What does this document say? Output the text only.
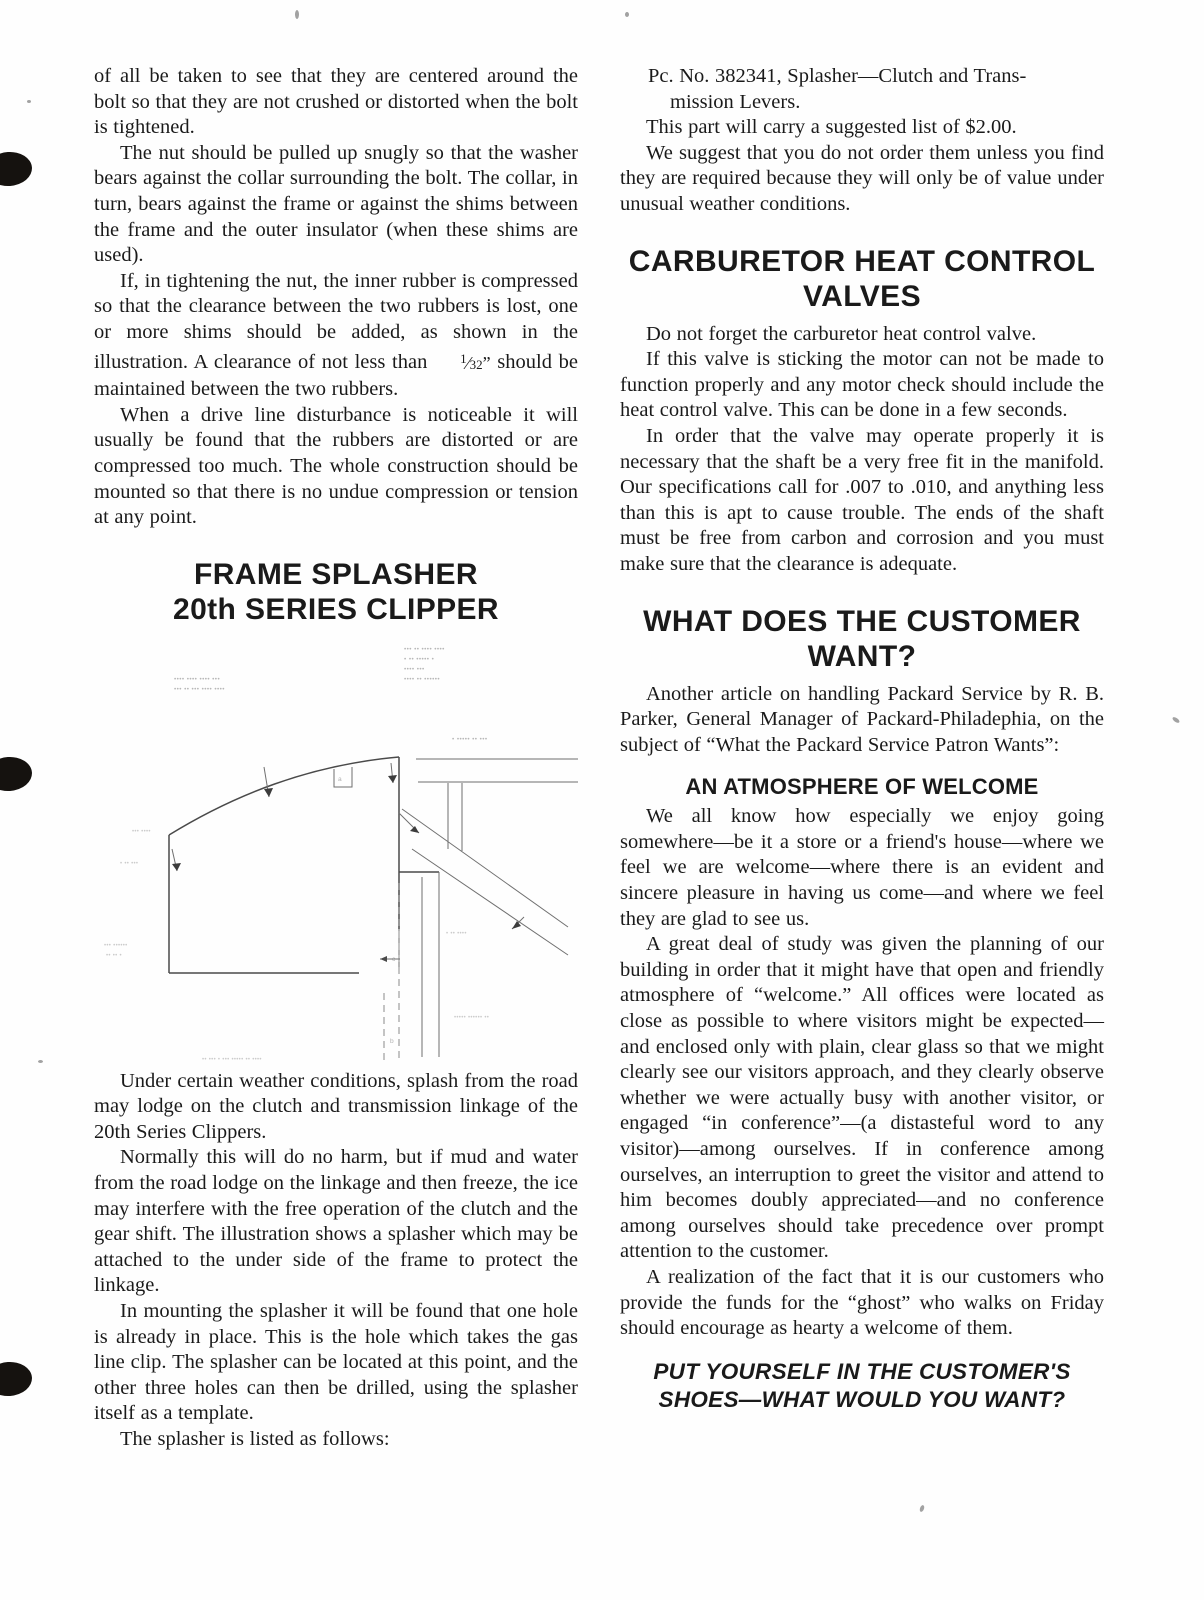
of all be taken to see that they are centered around the bolt so that they are not crushed or distorted when the bolt is tightened.

The nut should be pulled up snugly so that the washer bears against the collar surrounding the bolt. The collar, in turn, bears against the frame or against the shims between the frame and the outer insulator (when these shims are used).

If, in tightening the nut, the inner rubber is compressed so that the clearance between the two rubbers is lost, one or more shims should be added, as shown in the illustration. A clearance of not less than	$^1$⁄32” should be maintained between the two rubbers.

When a drive line disturbance is noticeable it will usually be found that the rubbers are distorted or are compressed too much. The whole construction should be mounted so that there is no undue compression or tension at any point.

FRAME SPLASHER
20th SERIES CLIPPER
••• •• •••• ••••
• •• ••••• •
•••• •••
•••• •• ••••••
•••• •••• •••• •••
••• •• ••• •••• ••••
• ••••• •• •••
••• ••••
• •• •••
••• ••••••
•• •• •
• •• ••••
••••• •••••• ••
a
b
c
•• ••• • ••• ••••• •• ••••

Under certain weather conditions, splash from the road may lodge on the clutch and transmission linkage of the 20th Series Clippers.

Normally this will do no harm, but if mud and water from the road lodge on the linkage and then freeze, the ice may interfere with the free operation of the clutch and the gear shift. The illustration shows a splasher which may be attached to the under side of the frame to protect the linkage.

In mounting the splasher it will be found that one hole is already in place. This is the hole which takes the gas line clip. The splasher can be located at this point, and the other three holes can then be drilled, using the splasher itself as a template.

The splasher is listed as follows:

Pc. No. 382341, Splasher—Clutch and Trans-
mission Levers.

This part will carry a suggested list of $2.00.

We suggest that you do not order them unless you find they are required because they will only be of value under unusual weather conditions.

CARBURETOR HEAT CONTROL
VALVES

Do not forget the carburetor heat control valve.

If this valve is sticking the motor can not be made to function properly and any motor check should include the heat control valve. This can be done in a few seconds.

In order that the valve may operate properly it is necessary that the shaft be a very free fit in the manifold. Our specifications call for .007 to .010, and anything less than this is apt to cause trouble. The ends of the shaft must be free from carbon and corrosion and you must make sure that the clearance is adequate.

WHAT DOES THE CUSTOMER
WANT?

Another article on handling Packard Service by R. B. Parker, General Manager of Packard-Philadephia, on the subject of “What the Packard Service Patron Wants”:

AN ATMOSPHERE OF WELCOME

We all know how especially we enjoy going somewhere—be it a store or a friend's house—where we feel we are welcome—where there is an evident and sincere pleasure in having us come—and where we feel they are glad to see us.

A great deal of study was given the planning of our building in order that it might have that open and friendly atmosphere of “welcome.” All offices were located as close as possible to where visitors might be expected—and enclosed only with plain, clear glass so that we might clearly see our visitors approach, and they clearly observe whether we were actually busy with another visitor, or engaged “in conference”—(a distasteful word to any visitor)—among ourselves. If in conference among ourselves, an interruption to greet the visitor and attend to him becomes doubly appreciated—and no conference among ourselves should take precedence over prompt attention to the customer.

A realization of the fact that it is our customers who provide the funds for the “ghost” who walks on Friday should encourage as hearty a welcome of them.

PUT YOURSELF IN THE CUSTOMER'S
SHOES—WHAT WOULD YOU WANT?
